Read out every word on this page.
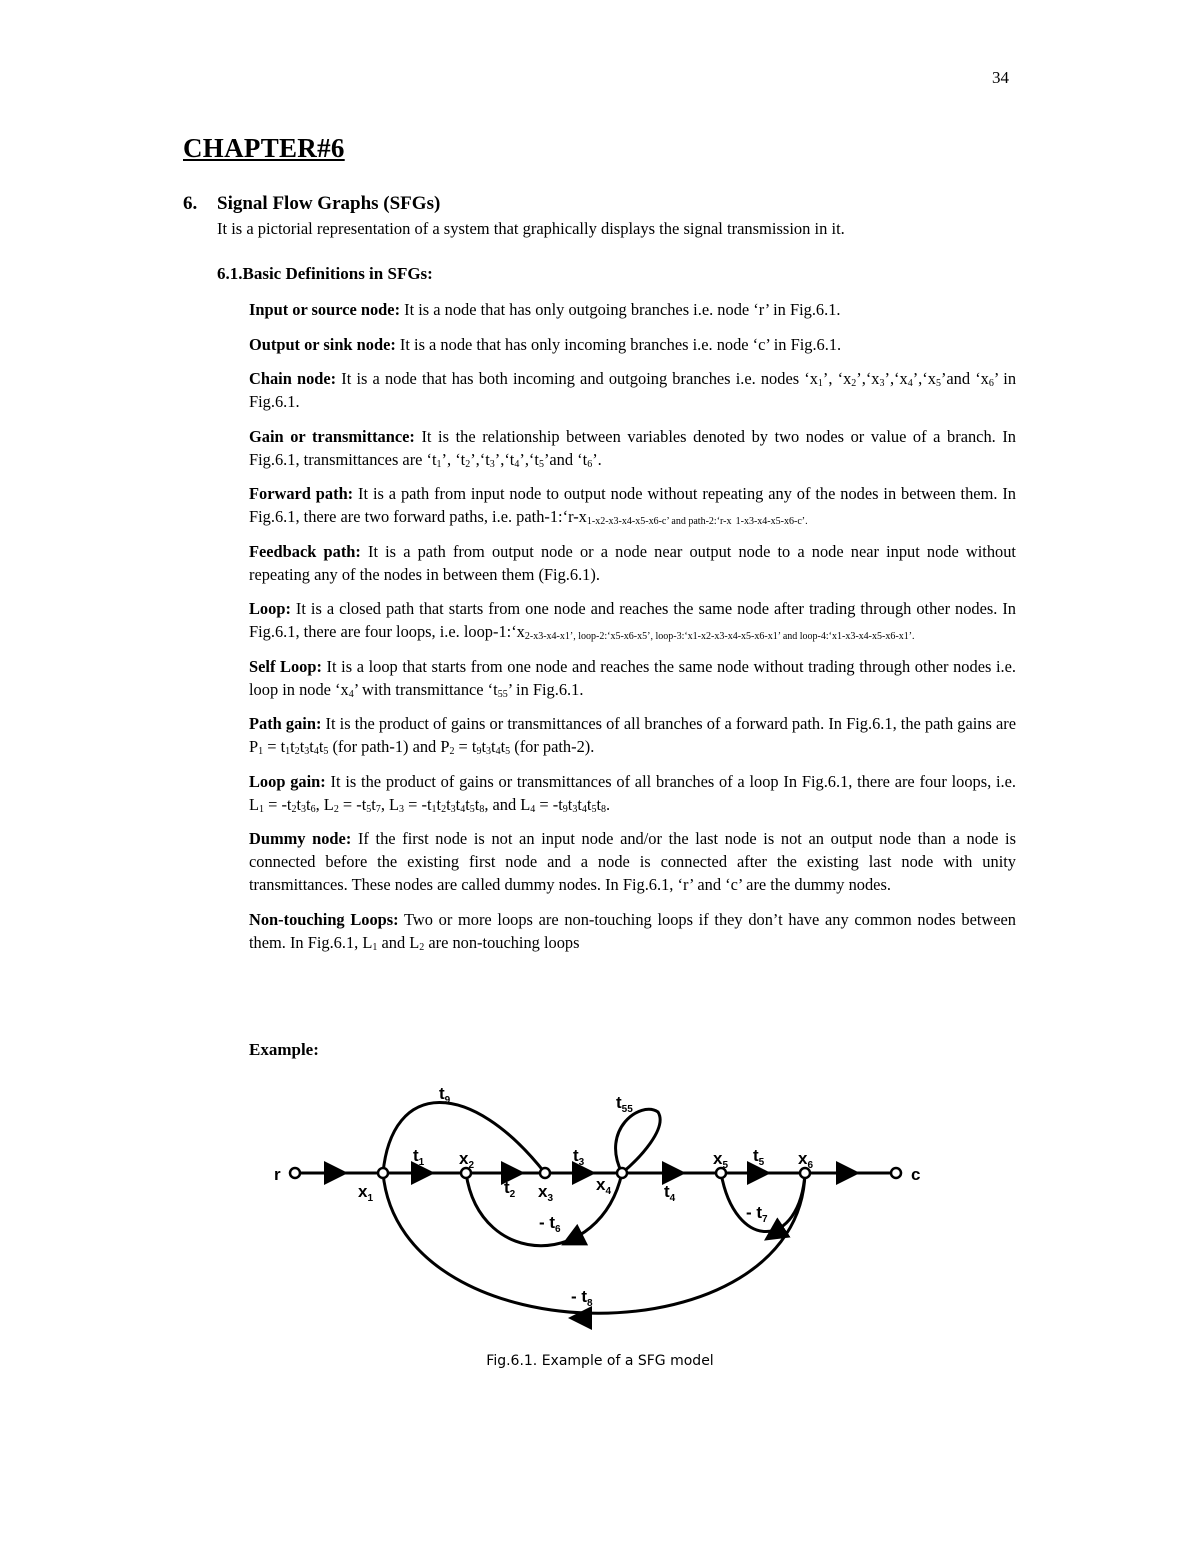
34
CHAPTER#6
6. Signal Flow Graphs (SFGs)
It is a pictorial representation of a system that graphically displays the signal transmission in it.
6.1.Basic Definitions in SFGs:

Input or source node: It is a node that has only outgoing branches i.e. node ‘r’ in Fig.6.1.

Output or sink node: It is a node that has only incoming branches i.e. node ‘c’ in Fig.6.1.

Chain node: It is a node that has both incoming and outgoing branches i.e. nodes ‘$x_1$’, ‘$x_2’,‘x_3’,‘x_4’,‘x_5’and$ ‘$x_6$’ in Fig.6.1.

Gain or transmittance: It is the relationship between variables denoted by two nodes or value of a branch. In Fig.6.1, transmittances are ‘$t_1$’, ‘$t_2’,‘t_3’,‘t_4’,‘t_5’and$ ‘$t_6$’.

Forward path: It is a path from input node to output node without repeating any of the nodes in between them. In Fig.6.1, there are two forward paths, i.e. path-$1:‘r-x_{1-x2-x3-x4-x5-x6-c’ and path-2:‘r-x}$ $_{1-x3-x4-x5-x6-c’.}$

Feedback path: It is a path from output node or a node near output node to a node near input node without repeating any of the nodes in between them (Fig.6.1).

Loop: It is a closed path that starts from one node and reaches the same node after trading through other nodes. In Fig.6.1, there are four loops, i.e. loop-$1:‘x_{2-x3-x4-x1’, loop-2:‘x5-x6-x5’, loop-3:‘x1-x2-x3-x4-x5-x6-x1’ and loop-4:‘x1-x3-x4-x5-x6-x1’.}$

Self Loop: It is a loop that starts from one node and reaches the same node without trading through other nodes i.e. loop in node ‘$x_4$’ with transmittance ‘$t_{55}$’ in Fig.6.1.

Path gain: It is the product of gains or transmittances of all branches of a forward path. In Fig.6.1, the path gains are $P_1 = t_1t_2t_3t_4t_5$ (for path-1) and $P_2 = t_9t_3t_4t_5$ (for path-2).

Loop gain: It is the product of gains or transmittances of all branches of a loop In Fig.6.1, there are four loops, i.e. $L_1 = -t_2t_3t_6$, $L_2 = -t_5t_7$, $L_3 = -t_1t_2t_3t_4t_5t_8$, and $L_4 = -t_9t_3t_4t_5t_8$.

Dummy node: If the first node is not an input node and/or the last node is not an output node than a node is connected before the existing first node and a node is connected after the existing last node with unity transmittances. These nodes are called dummy nodes. In Fig.6.1, ‘r’ and ‘c’ are the dummy nodes.

Non-touching Loops: Two or more loops are non-touching loops if they don’t have any common nodes between them. In Fig.6.1, $L_1$ and $L_2$ are non-touching loops

Example:
r	c
$x_1$
$x_2$
$x_3$
$x_4$
$x_5$	$x_6$
$t_1$
$t_2$
$t_3$
$t_4$
$t_5$
$t_9$	$t_{55}$
- $t_6$
- $t_7$
- $t_8$
Fig.6.1. Example of a SFG model
